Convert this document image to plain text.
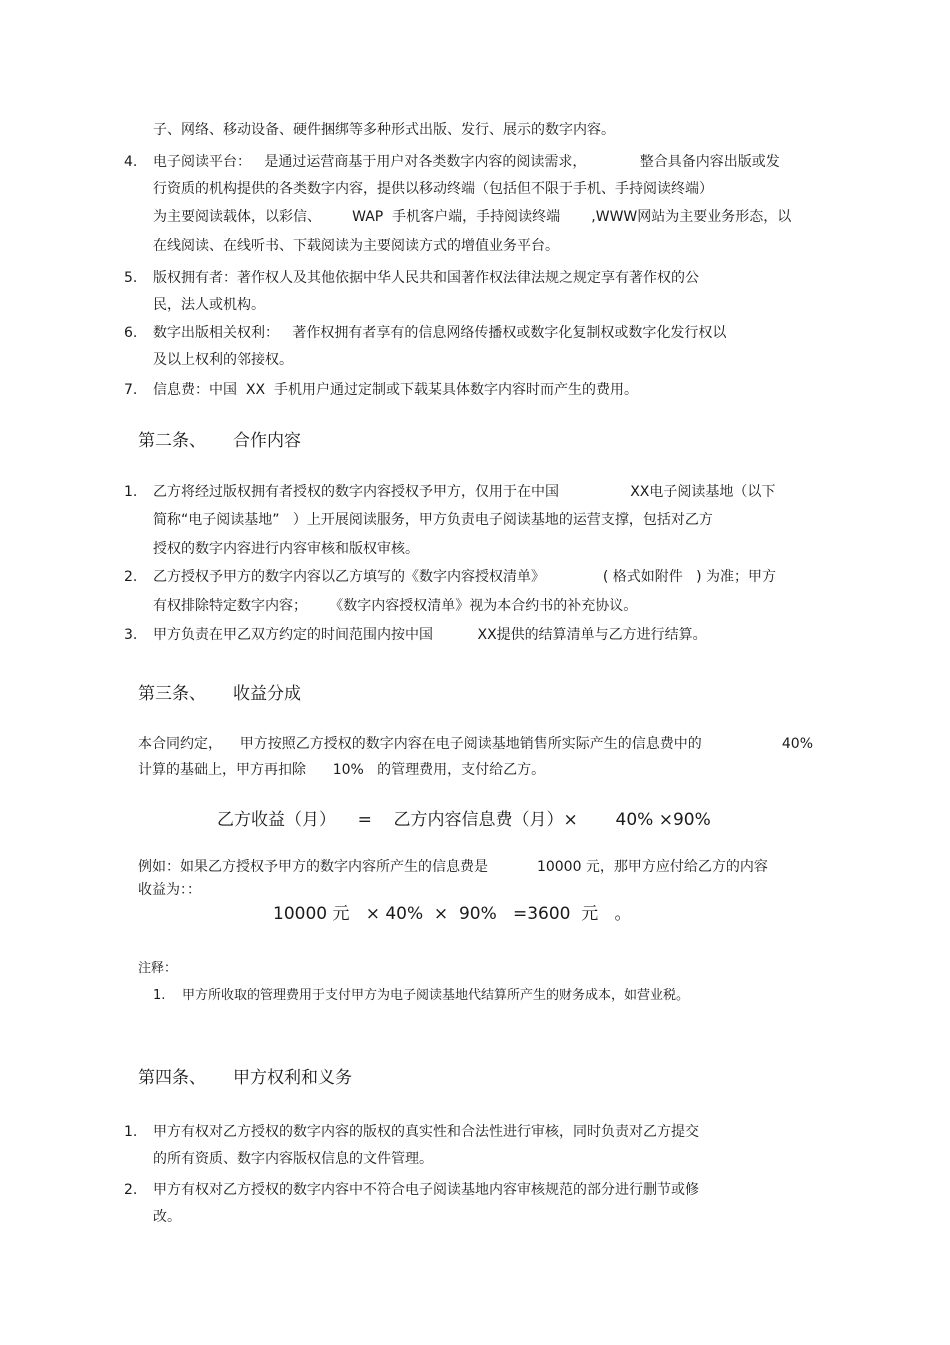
子、网络、移动设备、硬件捆绑等多种形式出版、发行、展示的数字内容。
4. 电子阅读平台：   是通过运营商基于用户对各类数字内容的阅读需求，            整合具备内容出版或发
行资质的机构提供的各类数字内容，提供以移动终端（包括但不限于手机、手持阅读终端）
为主要阅读载体，以彩信、       WAP  手机客户端，手持阅读终端       ,WWW网站为主要业务形态，以
在线阅读、在线听书、下载阅读为主要阅读方式的增值业务平台。
5. 版权拥有者：著作权人及其他依据中华人民共和国著作权法律法规之规定享有著作权的公
民，法人或机构。
6. 数字出版相关权利：   著作权拥有者享有的信息网络传播权或数字化复制权或数字化发行权以
及以上权利的邻接权。
7. 信息费：中国  XX  手机用户通过定制或下载某具体数字内容时而产生的费用。
第二条、     合作内容
1. 乙方将经过版权拥有者授权的数字内容授权予甲方，仅用于在中国                XX电子阅读基地（以下
简称“电子阅读基地”   ）上开展阅读服务，甲方负责电子阅读基地的运营支撑，包括对乙方
授权的数字内容进行内容审核和版权审核。
2. 乙方授权予甲方的数字内容以乙方填写的《数字内容授权清单》             ( 格式如附件   ) 为准；甲方
有权排除特定数字内容；     《数字内容授权清单》视为本合约书的补充协议。
3. 甲方负责在甲乙双方约定的时间范围内按中国          XX提供的结算清单与乙方进行结算。
第三条、     收益分成
本合同约定，    甲方按照乙方授权的数字内容在电子阅读基地销售所实际产生的信息费中的                  40%
计算的基础上，甲方再扣除      10%   的管理费用，支付给乙方。
乙方收益（月）    =    乙方内容信息费（月）×       40% ×90%
例如：如果乙方授权予甲方的数字内容所产生的信息费是           10000 元，那甲方应付给乙方的内容
收益为：：
10000 元   × 40%  ×  90%   =3600  元   。
注释：
1. 甲方所收取的管理费用于支付甲方为电子阅读基地代结算所产生的财务成本，如营业税。
第四条、     甲方权利和义务
1. 甲方有权对乙方授权的数字内容的版权的真实性和合法性进行审核，同时负责对乙方提交
的所有资质、数字内容版权信息的文件管理。
2. 甲方有权对乙方授权的数字内容中不符合电子阅读基地内容审核规范的部分进行删节或修
改。
